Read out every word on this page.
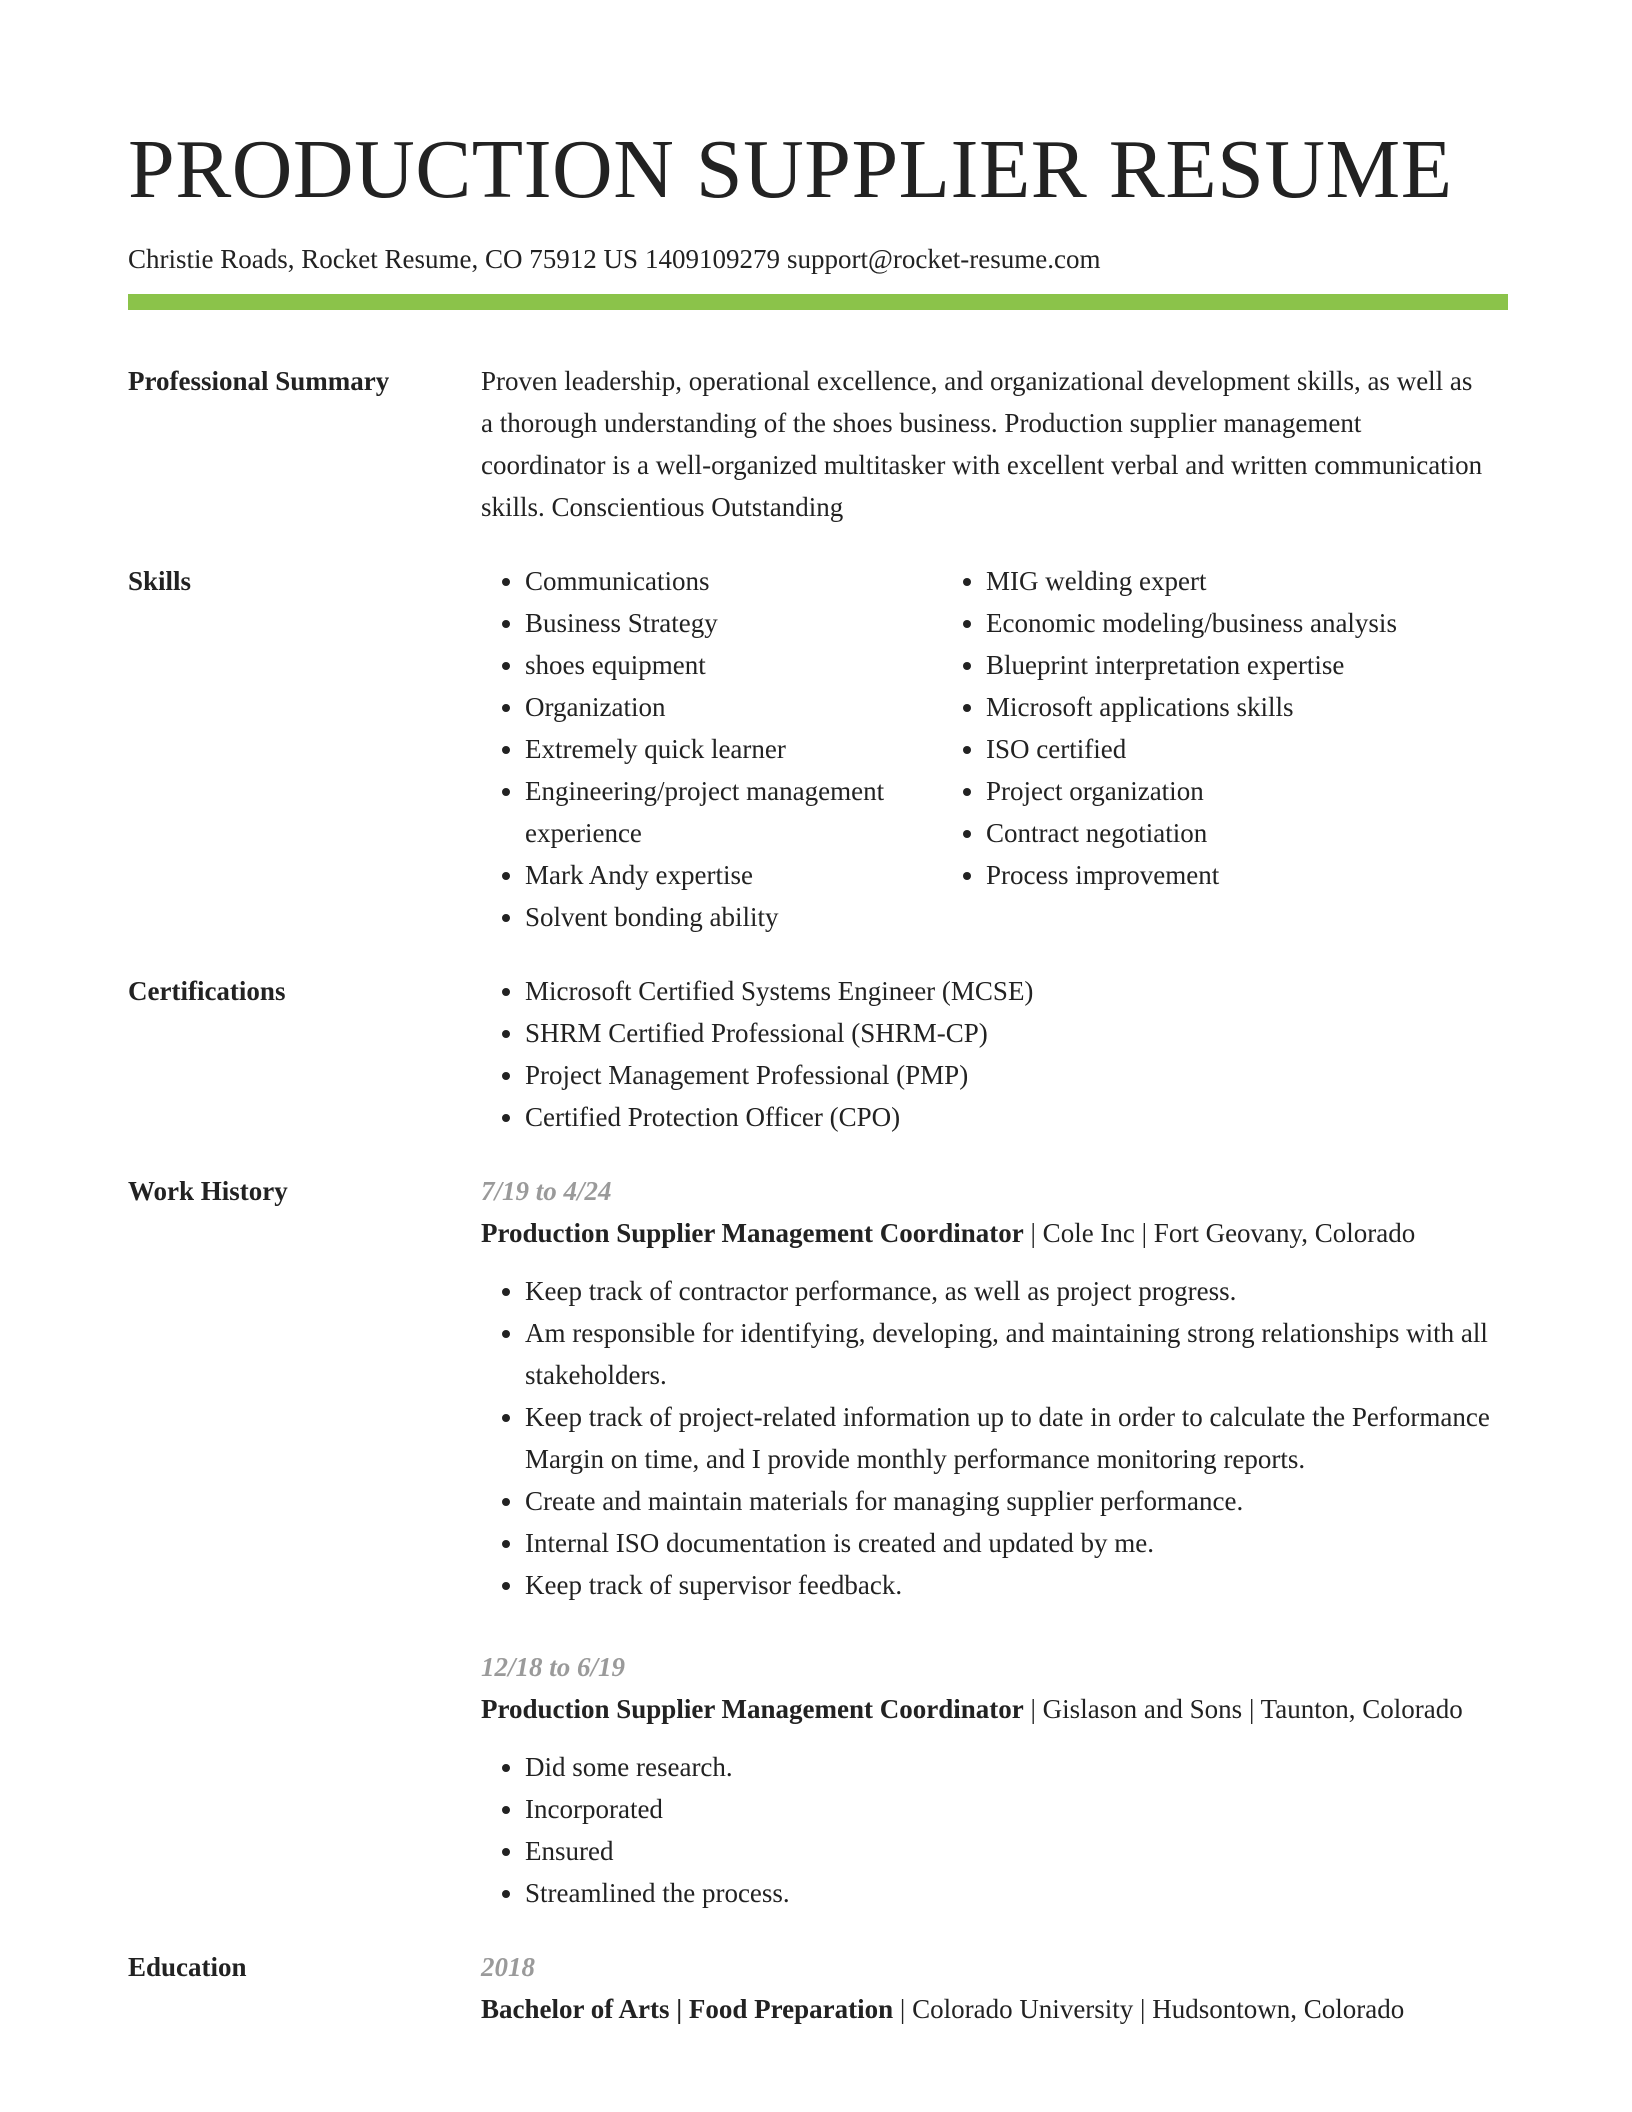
PRODUCTION SUPPLIER RESUME
Christie Roads, Rocket Resume, CO 75912 US 1409109279 support@rocket-resume.com
Professional Summary	Proven leadership, operational excellence, and organizational development skills, as well as a thorough understanding of the shoes business. Production supplier management coordinator is a well-organized multitasker with excellent verbal and written communication skills. Conscientious Outstanding
Skills	• Communications
• Business Strategy
• shoes equipment
• Organization
• Extremely quick learner
• Engineering/project management experience
• Mark Andy expertise
• Solvent bonding ability
• MIG welding expert
• Economic modeling/business analysis
• Blueprint interpretation expertise
• Microsoft applications skills
• ISO certified
• Project organization
• Contract negotiation
• Process improvement
Certifications	• Microsoft Certified Systems Engineer (MCSE)
• SHRM Certified Professional (SHRM-CP)
• Project Management Professional (PMP)
• Certified Protection Officer (CPO)
Work History	7/19 to 4/24
Production Supplier Management Coordinator | Cole Inc | Fort Geovany, Colorado
• Keep track of contractor performance, as well as project progress.
• Am responsible for identifying, developing, and maintaining strong relationships with all stakeholders.
• Keep track of project-related information up to date in order to calculate the Performance Margin on time, and I provide monthly performance monitoring reports.
• Create and maintain materials for managing supplier performance.
• Internal ISO documentation is created and updated by me.
• Keep track of supervisor feedback.
12/18 to 6/19
Production Supplier Management Coordinator | Gislason and Sons | Taunton, Colorado
• Did some research.
• Incorporated
• Ensured
• Streamlined the process.
Education	2018
Bachelor of Arts | Food Preparation | Colorado University | Hudsontown, Colorado
